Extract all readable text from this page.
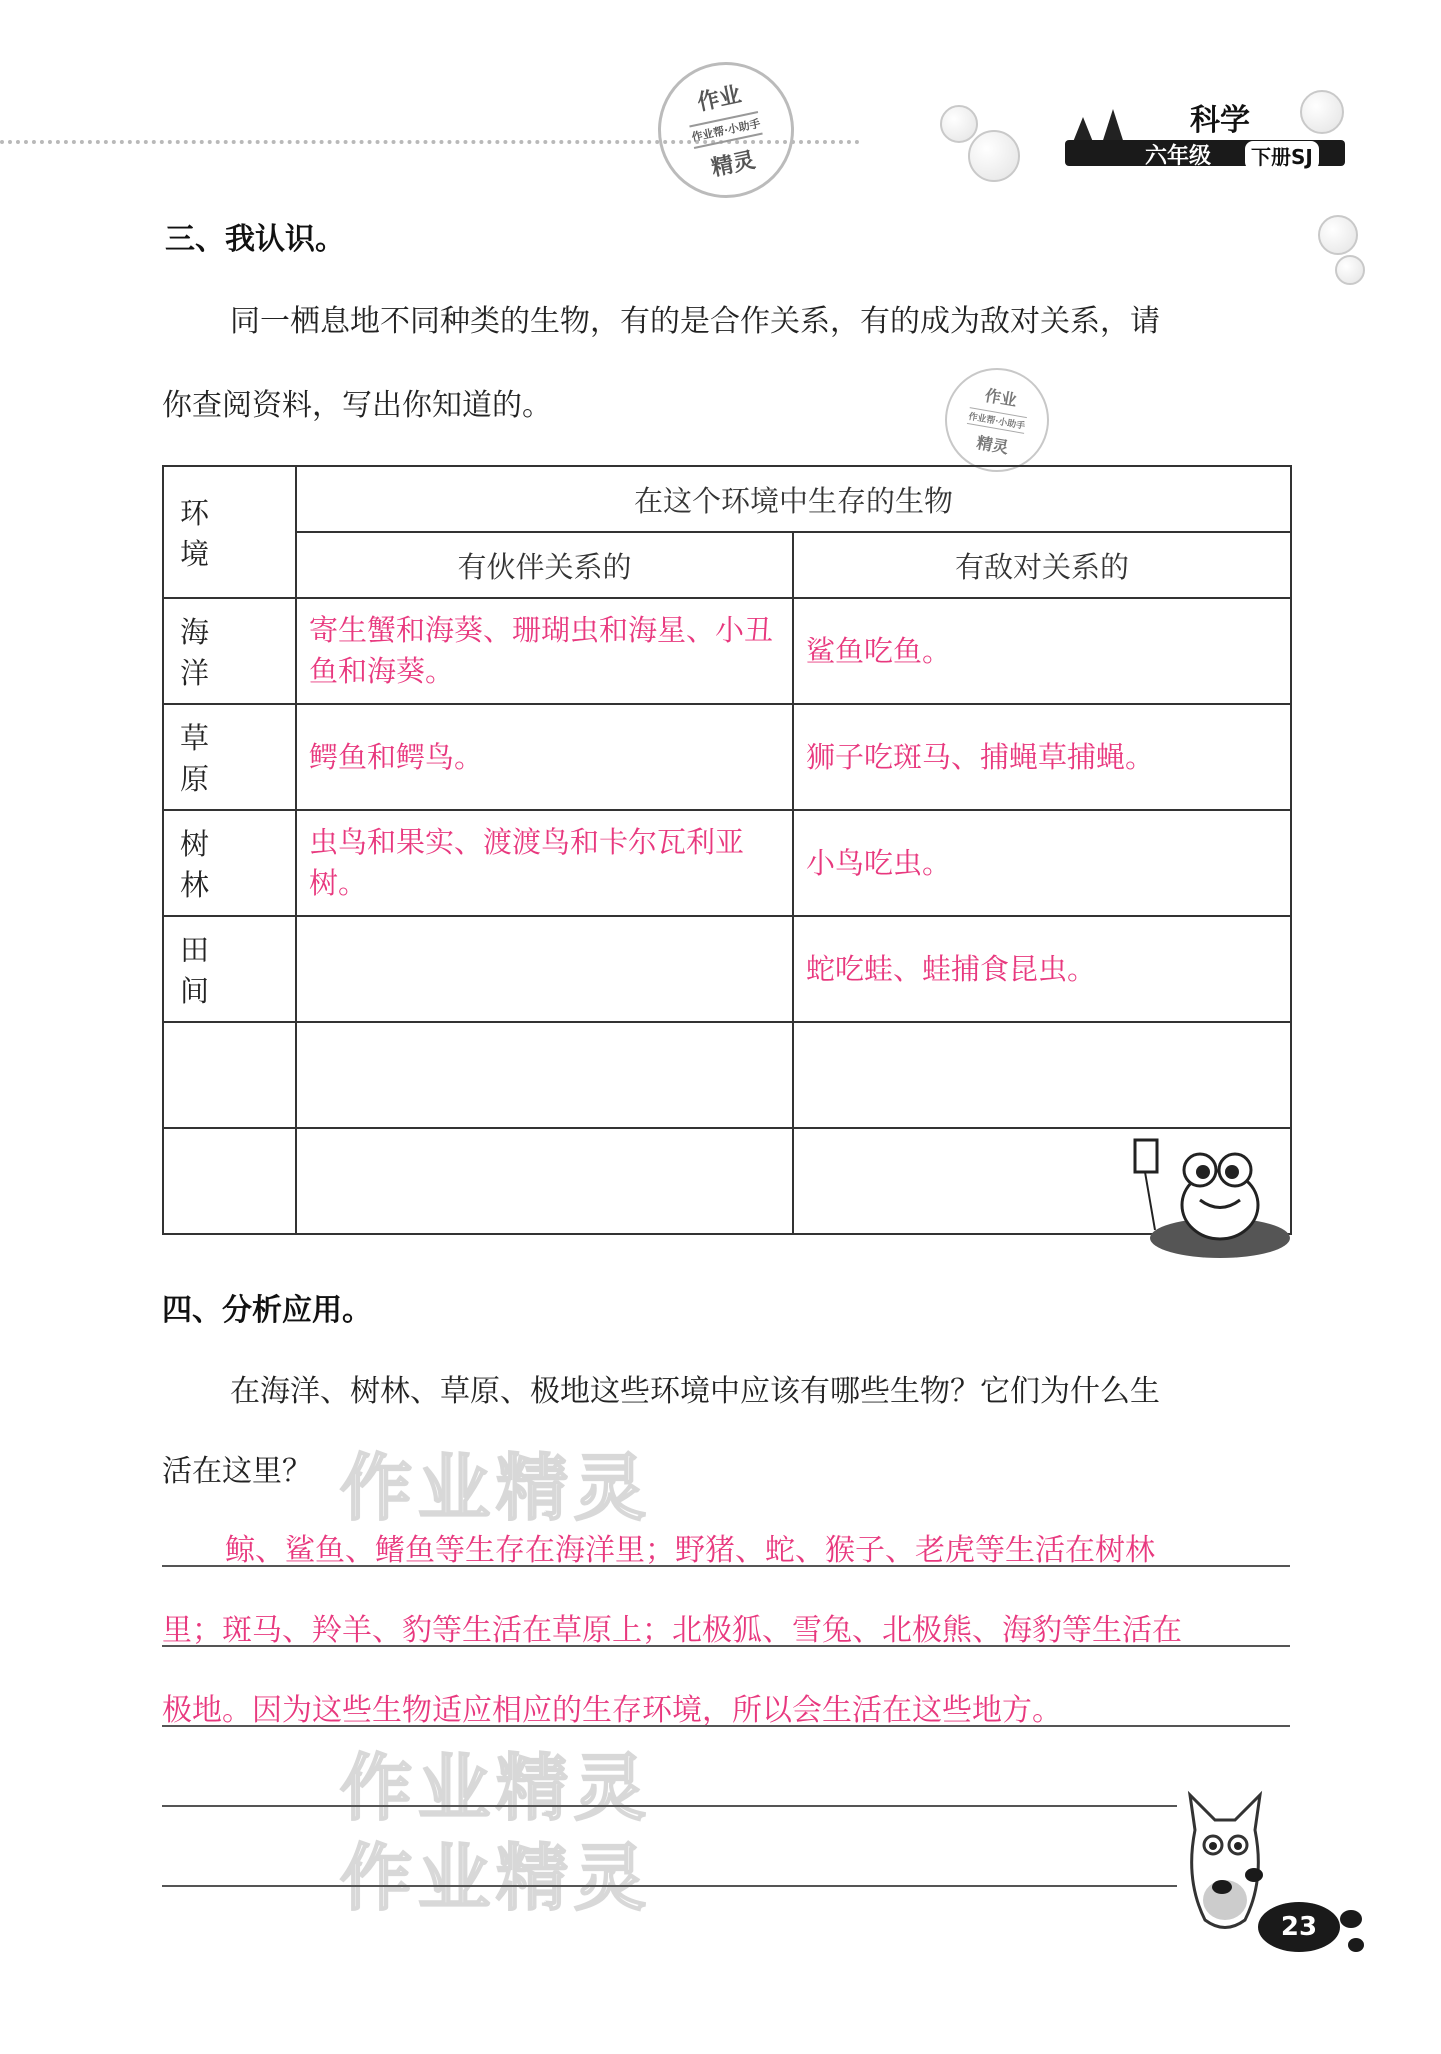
作业
作业帮·小助手
精灵
科学
六年级	下册SJ
三、我认识。
同一栖息地不同种类的生物，有的是合作关系，有的成为敌对关系，请
你查阅资料，写出你知道的。	作业
作业帮·小助手
精灵
环　境	在这个环境中生存的生物	
	有伙伴关系的	有敌对关系的
海洋	寄生蟹和海葵、珊瑚虫和海星、小丑鱼和海葵。	鲨鱼吃鱼。
草原	鳄鱼和鳄鸟。	狮子吃斑马、捕蝇草捕蝇。
树林	虫鸟和果实、渡渡鸟和卡尔瓦利亚树。	小鸟吃虫。
田间		蛇吃蛙、蛙捕食昆虫。

四、分析应用。
在海洋、树林、草原、极地这些环境中应该有哪些生物？它们为什么生
活在这里？ 作业精灵
作业精灵
作业精灵
鲸、鲨鱼、鳍鱼等生存在海洋里；野猪、蛇、猴子、老虎等生活在树林
里；斑马、羚羊、豹等生活在草原上；北极狐、雪兔、北极熊、海豹等生活在
极地。因为这些生物适应相应的生存环境，所以会生活在这些地方。
23
